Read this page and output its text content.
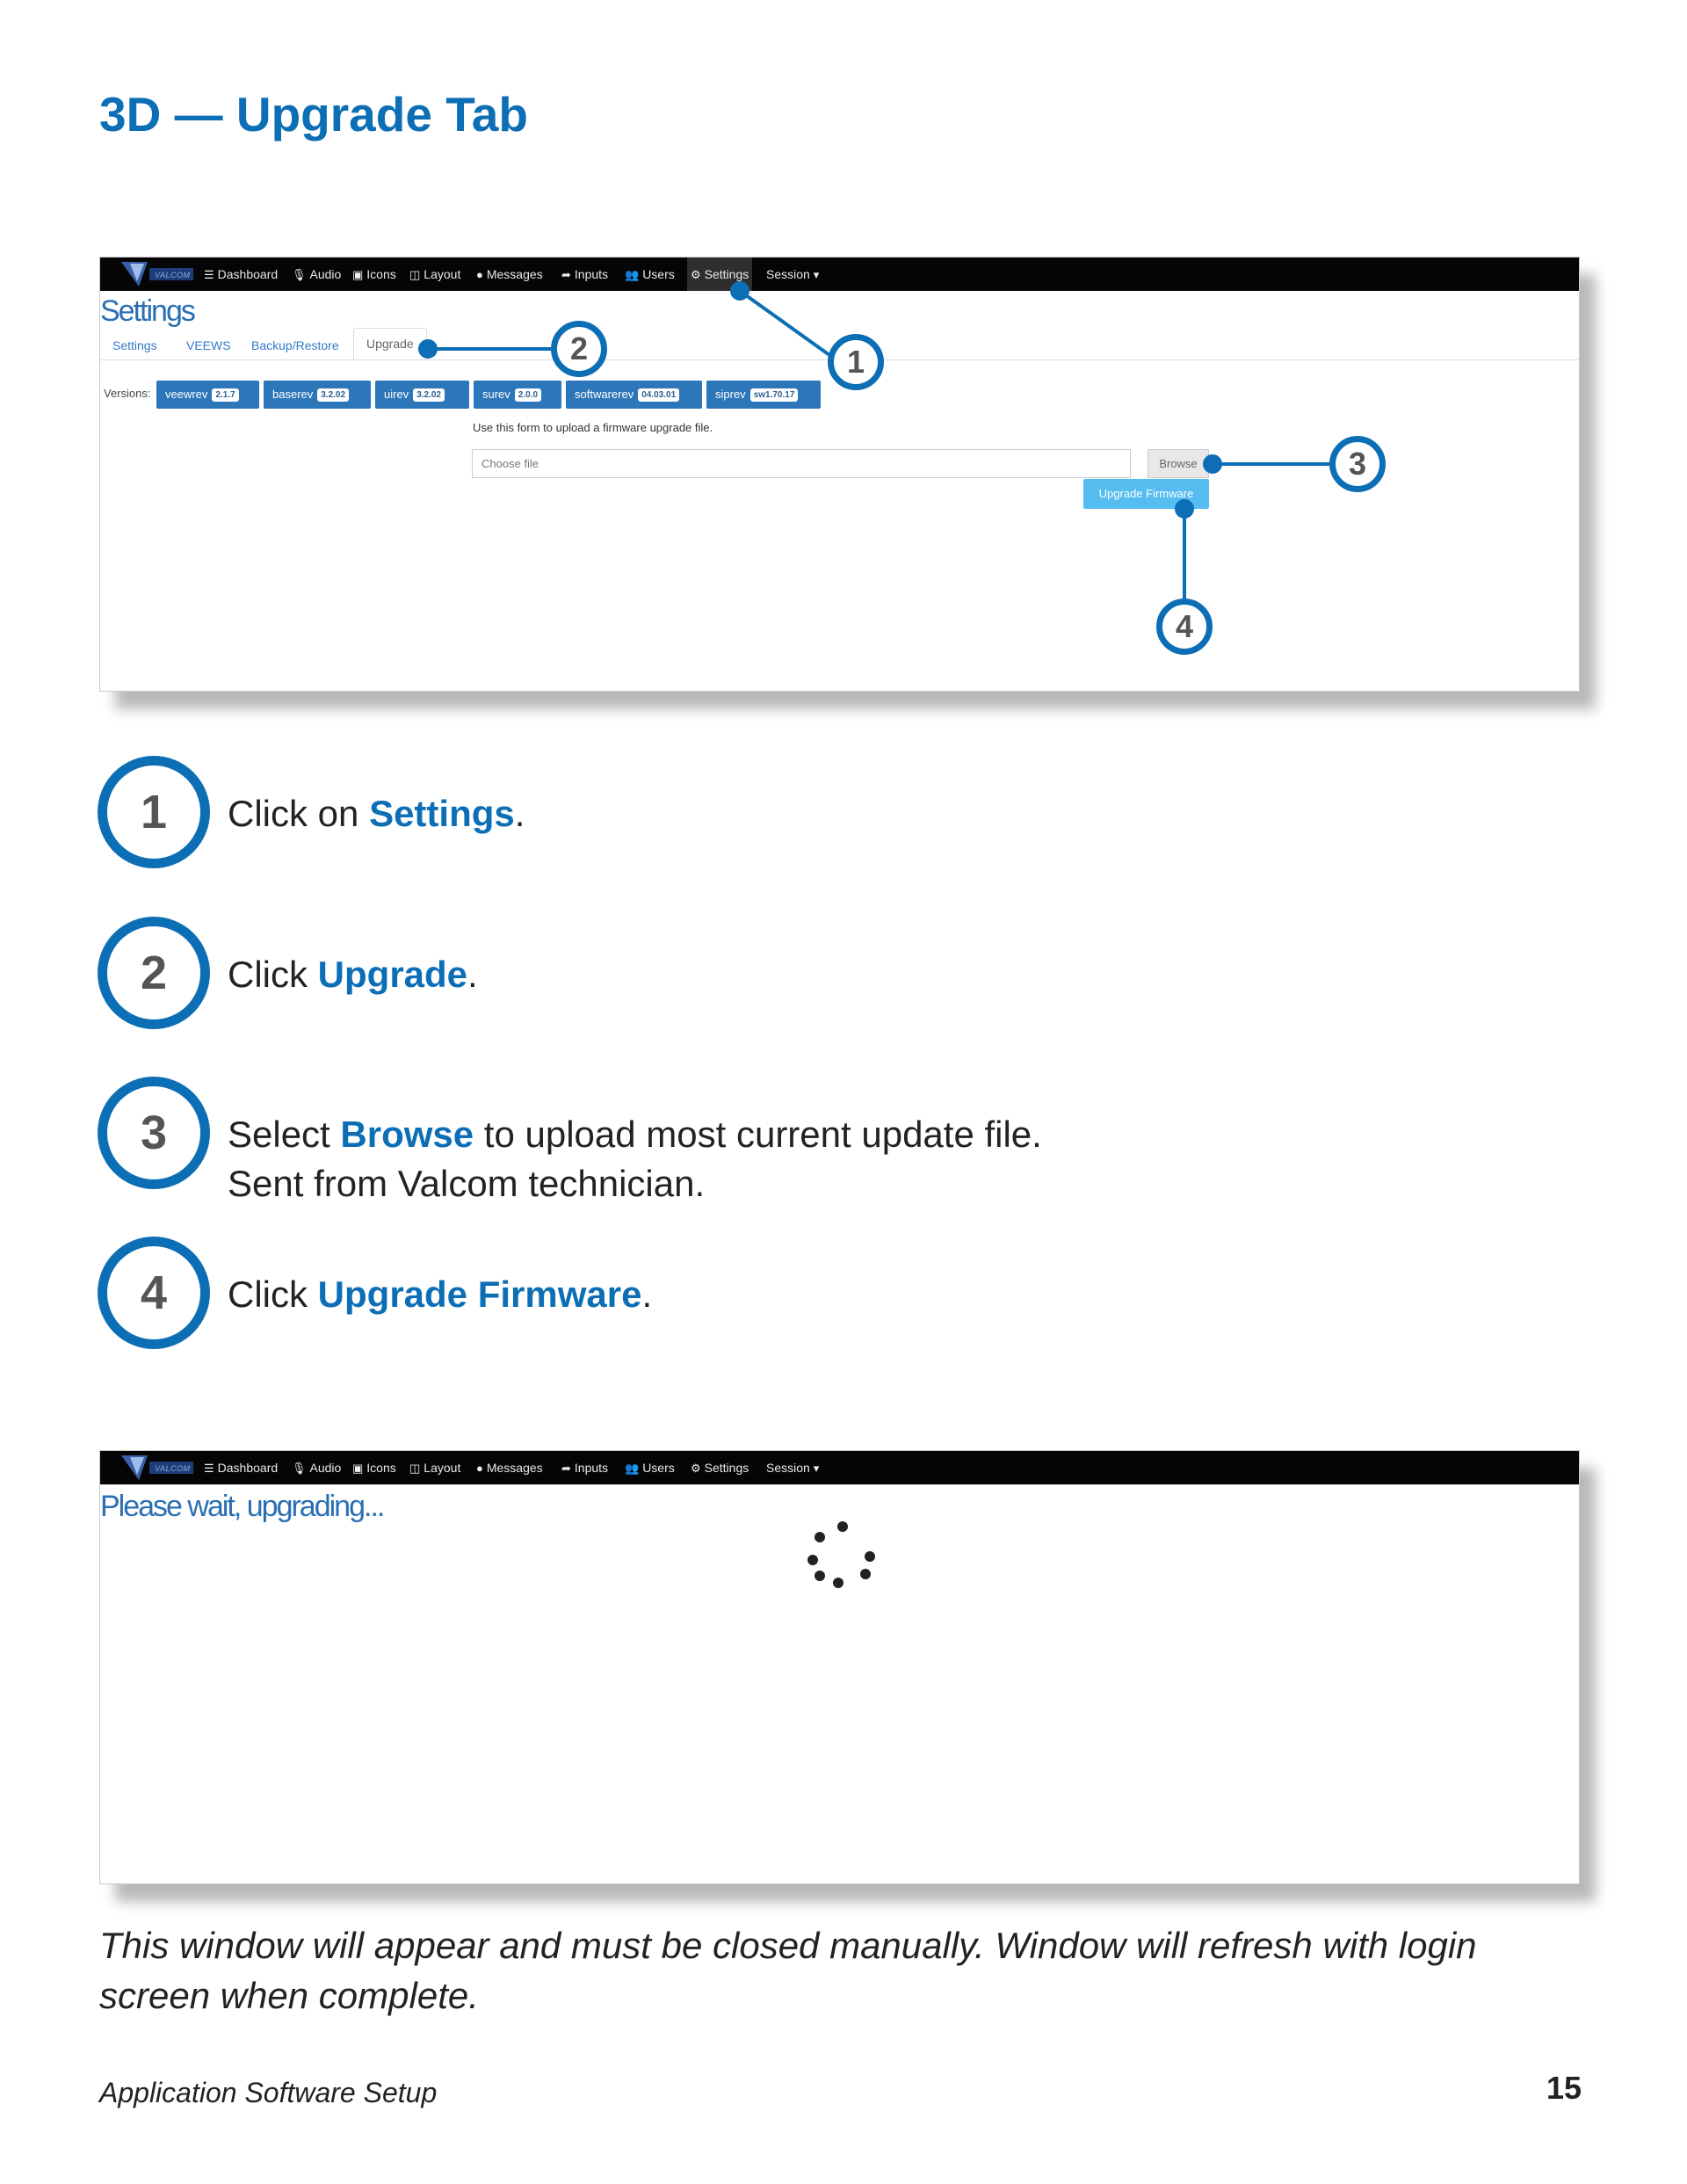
3D — Upgrade Tab
VALCOM ☰ Dashboard 🎙 Audio ▣ Icons ◫ Layout ● Messages ➦ Inputs 👥 Users	⚙ Settings Session ▾
Settings
Settings VEEWS Backup/Restore	Upgrade
Versions:	veewrev 2.1.7	baserev 3.2.02	uirev 3.2.02	surev 2.0.0	softwarerev 04.03.01	siprev sw1.70.17
Use this form to upload a firmware upgrade file.
Choose file	Browse
Upgrade Firmware
1
2
3
4
1	Click on Settings.
2	Click Upgrade.
3	Select Browse to upload most current update file.
Sent from Valcom technician.
4	Click Upgrade Firmware.
VALCOM ☰ Dashboard 🎙 Audio ▣ Icons ◫ Layout ● Messages ➦ Inputs 👥 Users ⚙ Settings Session ▾
Please wait, upgrading...
This window will appear and must be closed manually. Window will refresh with login screen when complete.
Application Software Setup	15
